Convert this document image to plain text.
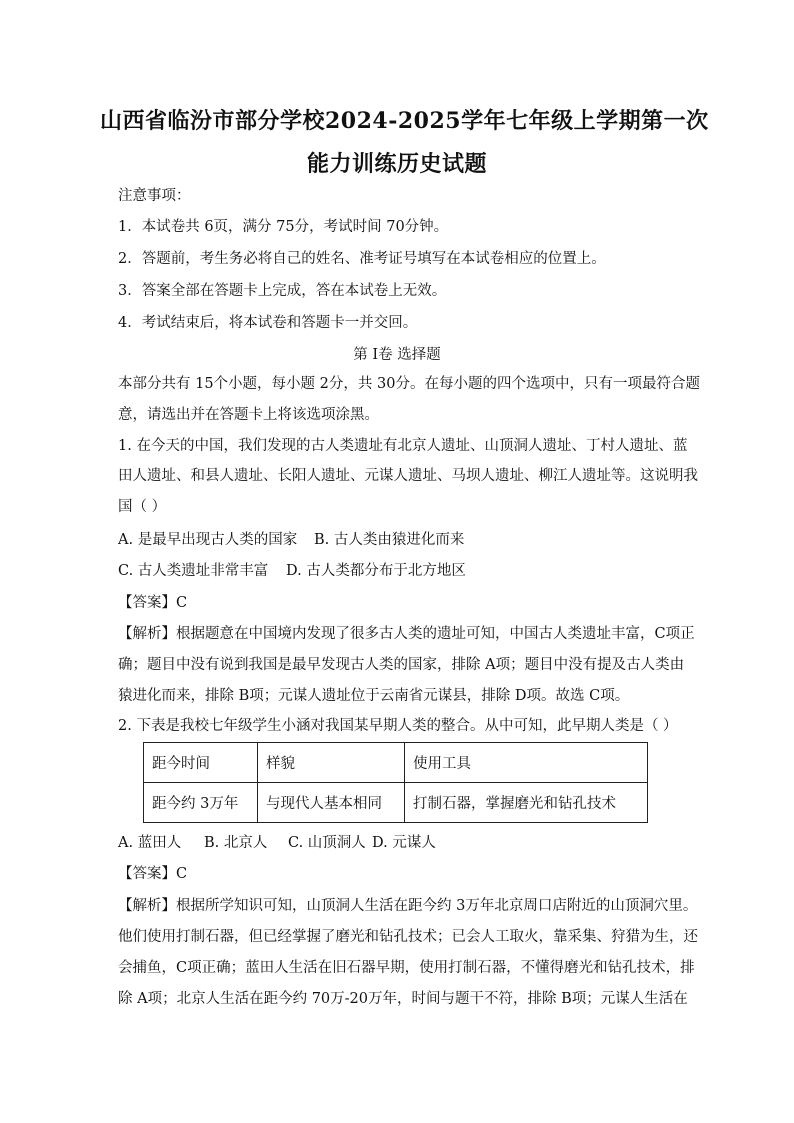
山西省临汾市部分学校2024-2025学年七年级上学期第一次
能力训练历史试题
注意事项：
1．本试卷共 6页，满分 75分，考试时间 70分钟。
2．答题前，考生务必将自己的姓名、准考证号填写在本试卷相应的位置上。
3．答案全部在答题卡上完成，答在本试卷上无效。
4．考试结束后，将本试卷和答题卡一并交回。
第 I卷 选择题
本部分共有 15个小题，每小题 2分，共 30分。在每小题的四个选项中，只有一项最符合题
意，请选出并在答题卡上将该选项涂黑。
1. 在今天的中国，我们发现的古人类遗址有北京人遗址、山顶洞人遗址、丁村人遗址、蓝
田人遗址、和县人遗址、长阳人遗址、元谋人遗址、马坝人遗址、柳江人遗址等。这说明我
国（ ）
A. 是最早出现古人类的国家 B. 古人类由猿进化而来
C. 古人类遗址非常丰富 D. 古人类都分布于北方地区
【答案】C
【解析】根据题意在中国境内发现了很多古人类的遗址可知，中国古人类遗址丰富，C项正
确；题目中没有说到我国是最早发现古人类的国家，排除 A项；题目中没有提及古人类由
猿进化而来，排除 B项；元谋人遗址位于云南省元谋县，排除 D项。故选 C项。
2. 下表是我校七年级学生小涵对我国某早期人类的整合。从中可知，此早期人类是（ ）
距今时间	样貌	使用工具
距今约 3万年	与现代人基本相同	打制石器，掌握磨光和钻孔技术
A. 蓝田人 B. 北京人 C. 山顶洞人 D. 元谋人
【答案】C
【解析】根据所学知识可知，山顶洞人生活在距今约 3万年北京周口店附近的山顶洞穴里。
他们使用打制石器，但已经掌握了磨光和钻孔技术；已会人工取火，靠采集、狩猎为生，还
会捕鱼，C项正确；蓝田人生活在旧石器早期，使用打制石器，不懂得磨光和钻孔技术，排
除 A项；北京人生活在距今约 70万-20万年，时间与题干不符，排除 B项；元谋人生活在
